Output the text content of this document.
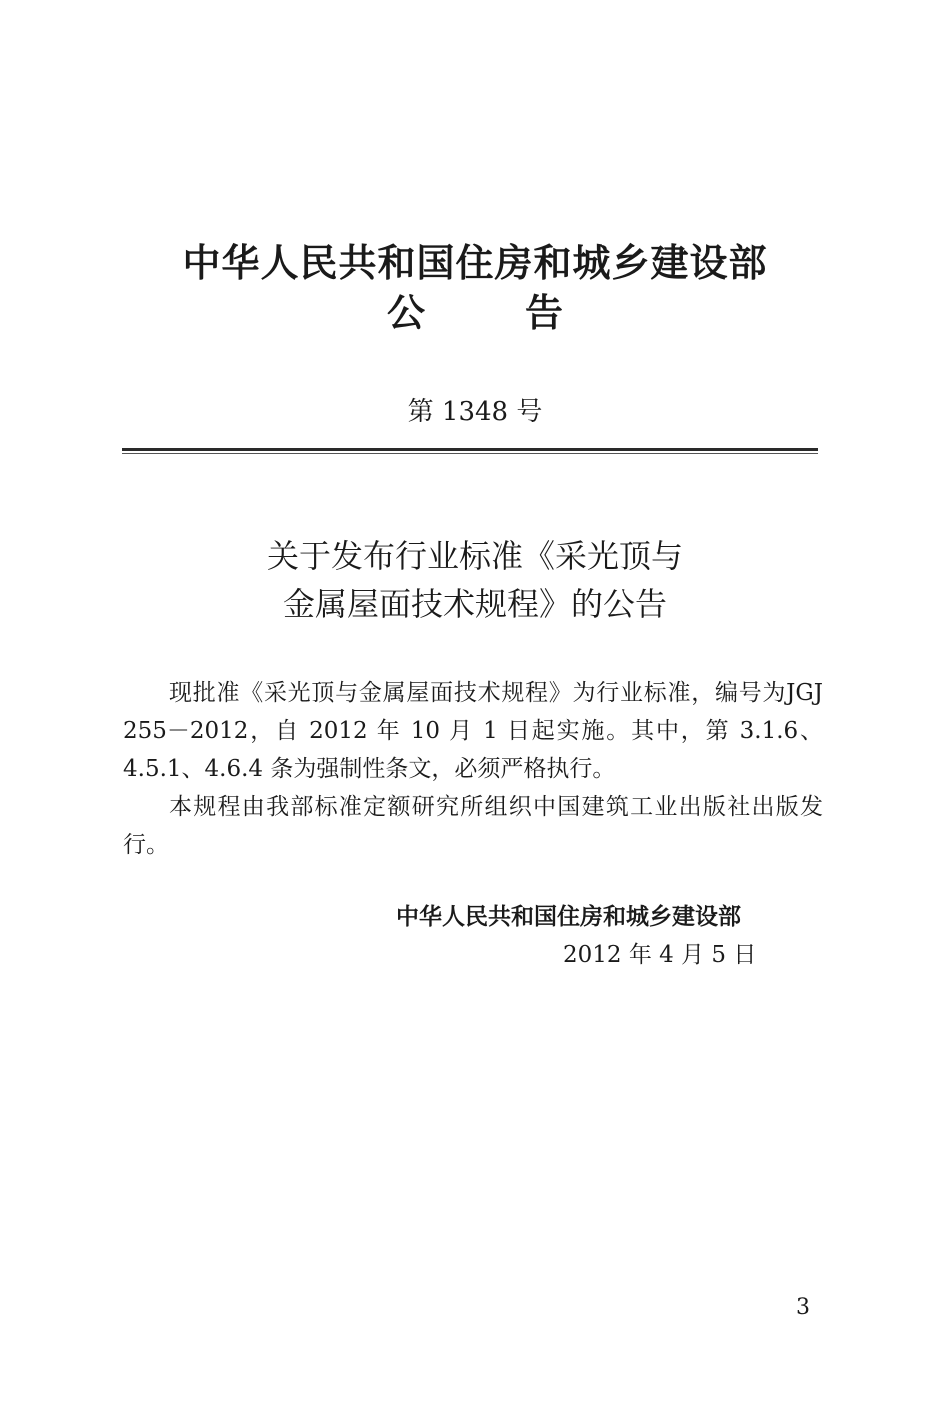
中华人民共和国住房和城乡建设部
公	告
第 1348 号
关于发布行业标准《采光顶与
金属屋面技术规程》的公告

现批准《采光顶与金属屋面技术规程》为行业标准，编号为JGJ 255－2012，自 2012 年 10 月 1 日起实施。其中，第 3.1.6、4.5.1、4.6.4 条为强制性条文，必须严格执行。

本规程由我部标准定额研究所组织中国建筑工业出版社出版发行。

中华人民共和国住房和城乡建设部
2012 年 4 月 5 日
3
